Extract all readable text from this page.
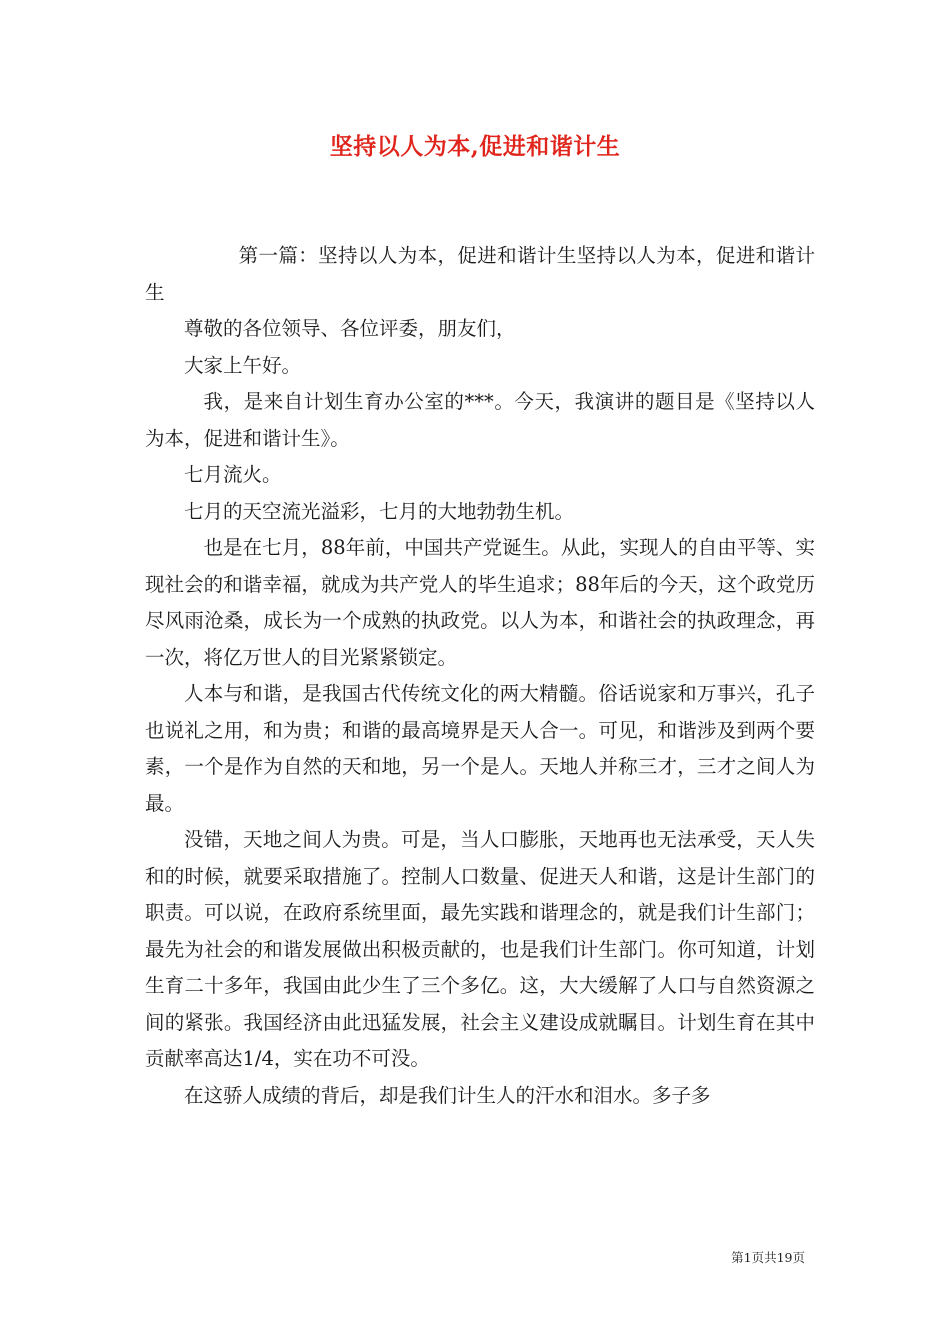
坚持以人为本,促进和谐计生

第一篇：坚持以人为本，促进和谐计生坚持以人为本，促进和谐计生

尊敬的各位领导、各位评委，朋友们，

大家上午好。

我，是来自计划生育办公室的***。今天，我演讲的题目是《坚持以人为本，促进和谐计生》。

七月流火。

七月的天空流光溢彩，七月的大地勃勃生机。

也是在七月，88年前，中国共产党诞生。从此，实现人的自由平等、实现社会的和谐幸福，就成为共产党人的毕生追求；88年后的今天，这个政党历尽风雨沧桑，成长为一个成熟的执政党。以人为本，和谐社会的执政理念，再一次，将亿万世人的目光紧紧锁定。

人本与和谐，是我国古代传统文化的两大精髓。俗话说家和万事兴，孔子也说礼之用，和为贵；和谐的最高境界是天人合一。可见，和谐涉及到两个要素，一个是作为自然的天和地，另一个是人。天地人并称三才，三才之间人为最。

没错，天地之间人为贵。可是，当人口膨胀，天地再也无法承受，天人失和的时候，就要采取措施了。控制人口数量、促进天人和谐，这是计生部门的职责。可以说，在政府系统里面，最先实践和谐理念的，就是我们计生部门；最先为社会的和谐发展做出积极贡献的，也是我们计生部门。你可知道，计划生育二十多年，我国由此少生了三个多亿。这，大大缓解了人口与自然资源之间的紧张。我国经济由此迅猛发展，社会主义建设成就瞩目。计划生育在其中贡献率高达1/4，实在功不可没。

在这骄人成绩的背后，却是我们计生人的汗水和泪水。多子多

第1页共19页
